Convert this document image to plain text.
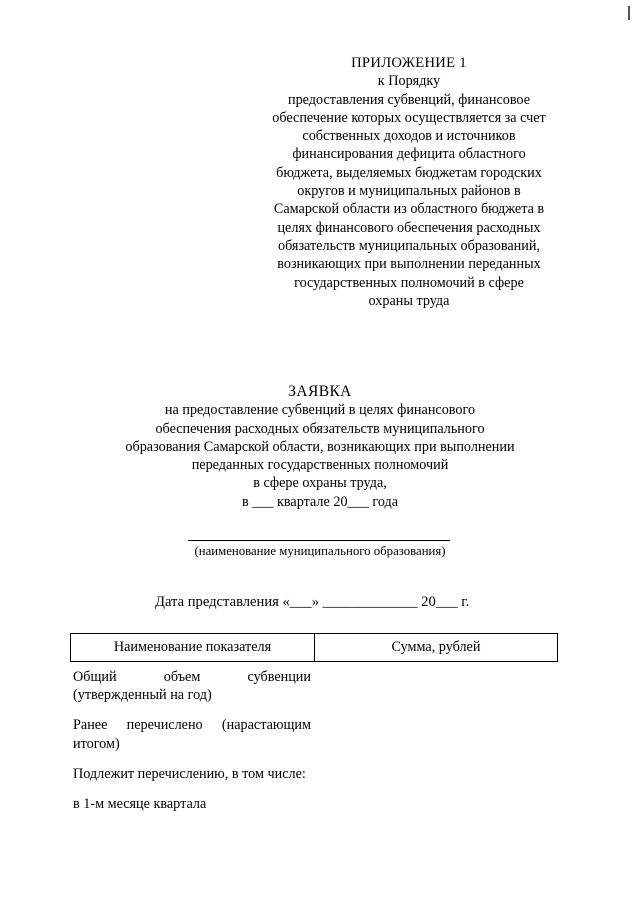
ПРИЛОЖЕНИЕ 1
к Порядку
предоставления субвенций, финансовое
обеспечение которых осуществляется за счет
собственных доходов и источников
финансирования дефицита областного
бюджета, выделяемых бюджетам городских
округов и муниципальных районов в
Самарской области из областного бюджета в
целях финансового обеспечения расходных
обязательств муниципальных образований,
возникающих при выполнении переданных
государственных полномочий в сфере
охраны труда
ЗАЯВКА
на предоставление субвенций в целях финансового
обеспечения расходных обязательств муниципального
образования Самарской области, возникающих при выполнении
переданных государственных полномочий
в сфере охраны труда,
в ___ квартале 20___ года
(наименование муниципального образования)
Дата представления «___» _____________ 20___ г.
Наименование показателя	Сумма, рублей
Общий объем субвенции (утвержденный на год)
Ранее перечислено (нарастающим итогом)
Подлежит перечислению, в том числе:
в 1-м месяце квартала
